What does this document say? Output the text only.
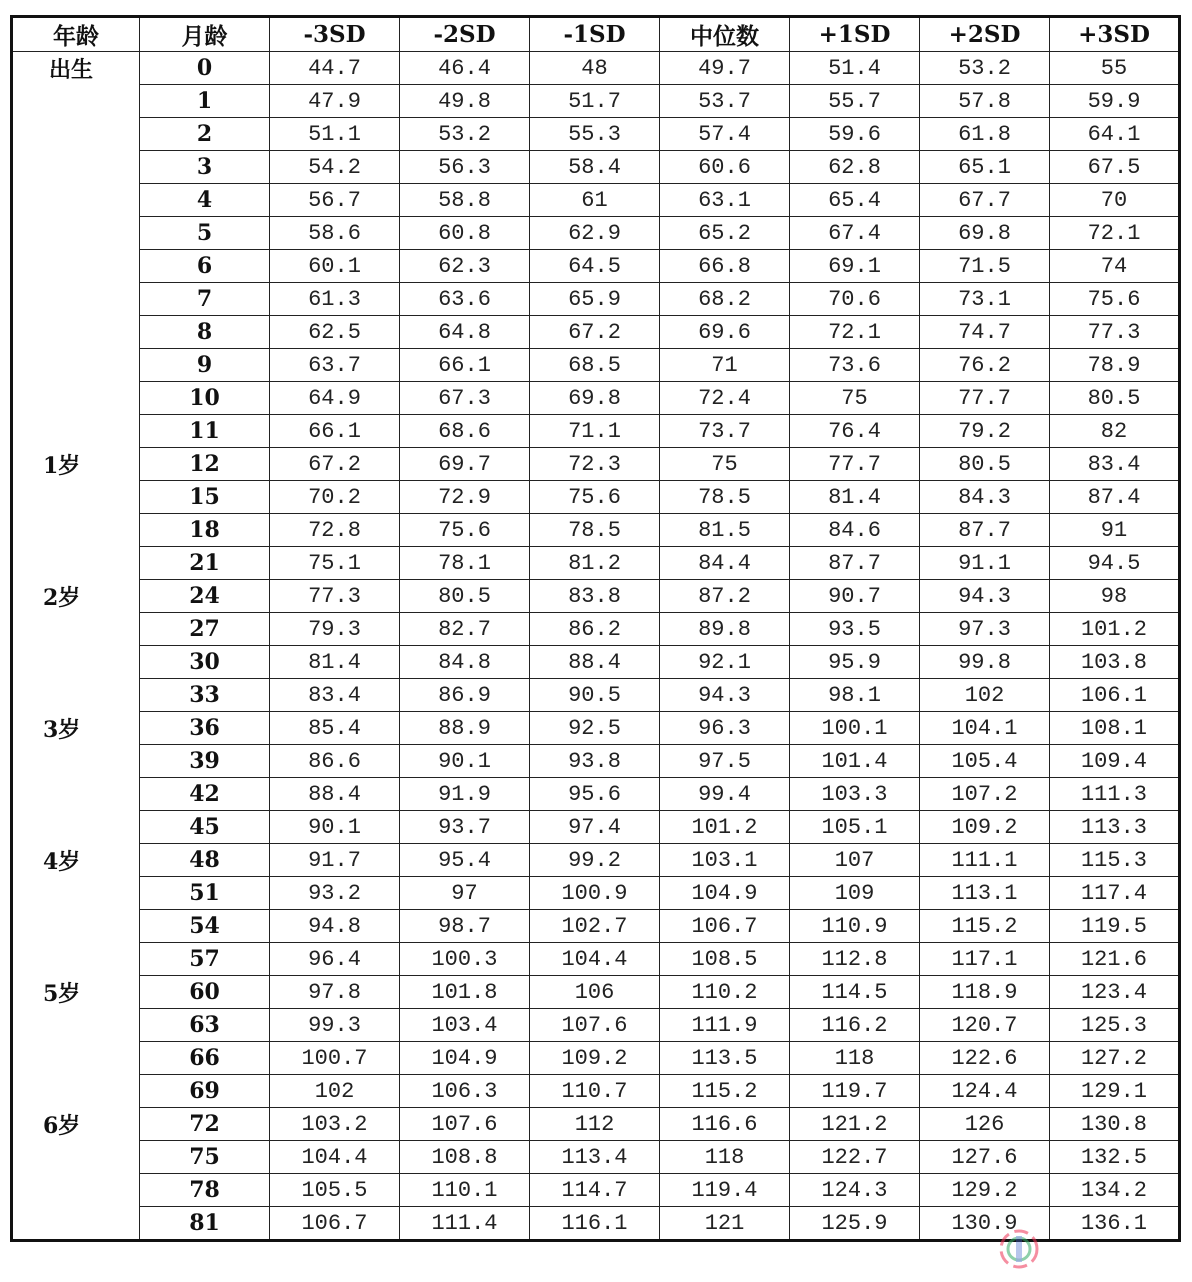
年龄	月龄	-3SD	-2SD	-1SD	中位数	+1SD	+2SD	+3SD
出生	0	44.7	46.4	48	49.7	51.4	53.2	55
	1	47.9	49.8	51.7	53.7	55.7	57.8	59.9
	2	51.1	53.2	55.3	57.4	59.6	61.8	64.1
	3	54.2	56.3	58.4	60.6	62.8	65.1	67.5
	4	56.7	58.8	61	63.1	65.4	67.7	70
	5	58.6	60.8	62.9	65.2	67.4	69.8	72.1
	6	60.1	62.3	64.5	66.8	69.1	71.5	74
	7	61.3	63.6	65.9	68.2	70.6	73.1	75.6
	8	62.5	64.8	67.2	69.6	72.1	74.7	77.3
	9	63.7	66.1	68.5	71	73.6	76.2	78.9
	10	64.9	67.3	69.8	72.4	75	77.7	80.5
	11	66.1	68.6	71.1	73.7	76.4	79.2	82
1岁	12	67.2	69.7	72.3	75	77.7	80.5	83.4
	15	70.2	72.9	75.6	78.5	81.4	84.3	87.4
	18	72.8	75.6	78.5	81.5	84.6	87.7	91
	21	75.1	78.1	81.2	84.4	87.7	91.1	94.5
2岁	24	77.3	80.5	83.8	87.2	90.7	94.3	98
	27	79.3	82.7	86.2	89.8	93.5	97.3	101.2
	30	81.4	84.8	88.4	92.1	95.9	99.8	103.8
	33	83.4	86.9	90.5	94.3	98.1	102	106.1
3岁	36	85.4	88.9	92.5	96.3	100.1	104.1	108.1
	39	86.6	90.1	93.8	97.5	101.4	105.4	109.4
	42	88.4	91.9	95.6	99.4	103.3	107.2	111.3
	45	90.1	93.7	97.4	101.2	105.1	109.2	113.3
4岁	48	91.7	95.4	99.2	103.1	107	111.1	115.3
	51	93.2	97	100.9	104.9	109	113.1	117.4
	54	94.8	98.7	102.7	106.7	110.9	115.2	119.5
	57	96.4	100.3	104.4	108.5	112.8	117.1	121.6
5岁	60	97.8	101.8	106	110.2	114.5	118.9	123.4
	63	99.3	103.4	107.6	111.9	116.2	120.7	125.3
	66	100.7	104.9	109.2	113.5	118	122.6	127.2
	69	102	106.3	110.7	115.2	119.7	124.4	129.1
6岁	72	103.2	107.6	112	116.6	121.2	126	130.8
	75	104.4	108.8	113.4	118	122.7	127.6	132.5
	78	105.5	110.1	114.7	119.4	124.3	129.2	134.2
	81	106.7	111.4	116.1	121	125.9	130.9	136.1
